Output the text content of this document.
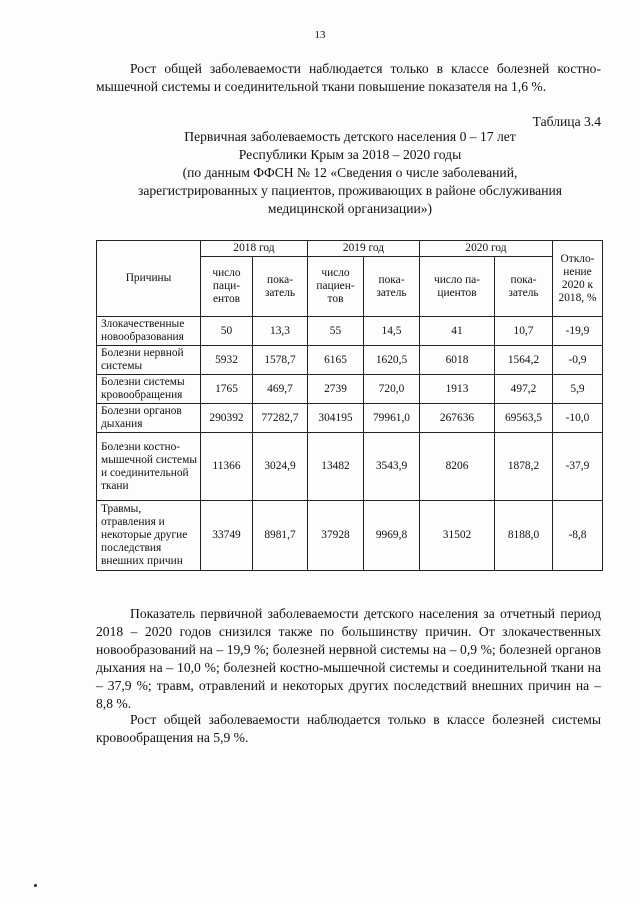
13

Рост общей заболеваемости наблюдается только в классе болезней костно-мышечной системы и соединительной ткани повышение показателя на 1,6 %.

Таблица 3.4
Первичная заболеваемость детского населения 0 – 17 лет
Республики Крым за 2018 – 2020 годы
(по данным ФФСН № 12 «Сведения о числе заболеваний,
зарегистрированных у пациентов, проживающих в районе обслуживания
медицинской организации»)
Причины	2018 год		2019 год		2020 год		Откло-нение 2020 к 2018, %
	число паци-ентов	пока-затель	число пациен-тов	пока-затель	число па-циентов	пока-затель	
Злокачественные новообразования	50	13,3	55	14,5	41	10,7	-19,9
Болезни нервной системы	5932	1578,7	6165	1620,5	6018	1564,2	-0,9
Болезни системы кровообращения	1765	469,7	2739	720,0	1913	497,2	5,9
Болезни органов дыхания	290392	77282,7	304195	79961,0	267636	69563,5	-10,0
Болезни костно-мышечной системы и соединительной ткани	11366	3024,9	13482	3543,9	8206	1878,2	-37,9
Травмы, отравления и некоторые другие последствия внешних причин	33749	8981,7	37928	9969,8	31502	8188,0	-8,8

Показатель первичной заболеваемости детского населения за отчетный период 2018 – 2020 годов снизился также по большинству причин. От злокачественных новообразований на – 19,9 %; болезней нервной системы на – 0,9 %; болезней органов дыхания на – 10,0 %; болезней костно-мышечной системы и соединительной ткани на – 37,9 %; травм, отравлений и некоторых других последствий внешних причин на – 8,8 %.

Рост общей заболеваемости наблюдается только в классе болезней системы кровообращения на 5,9 %.
